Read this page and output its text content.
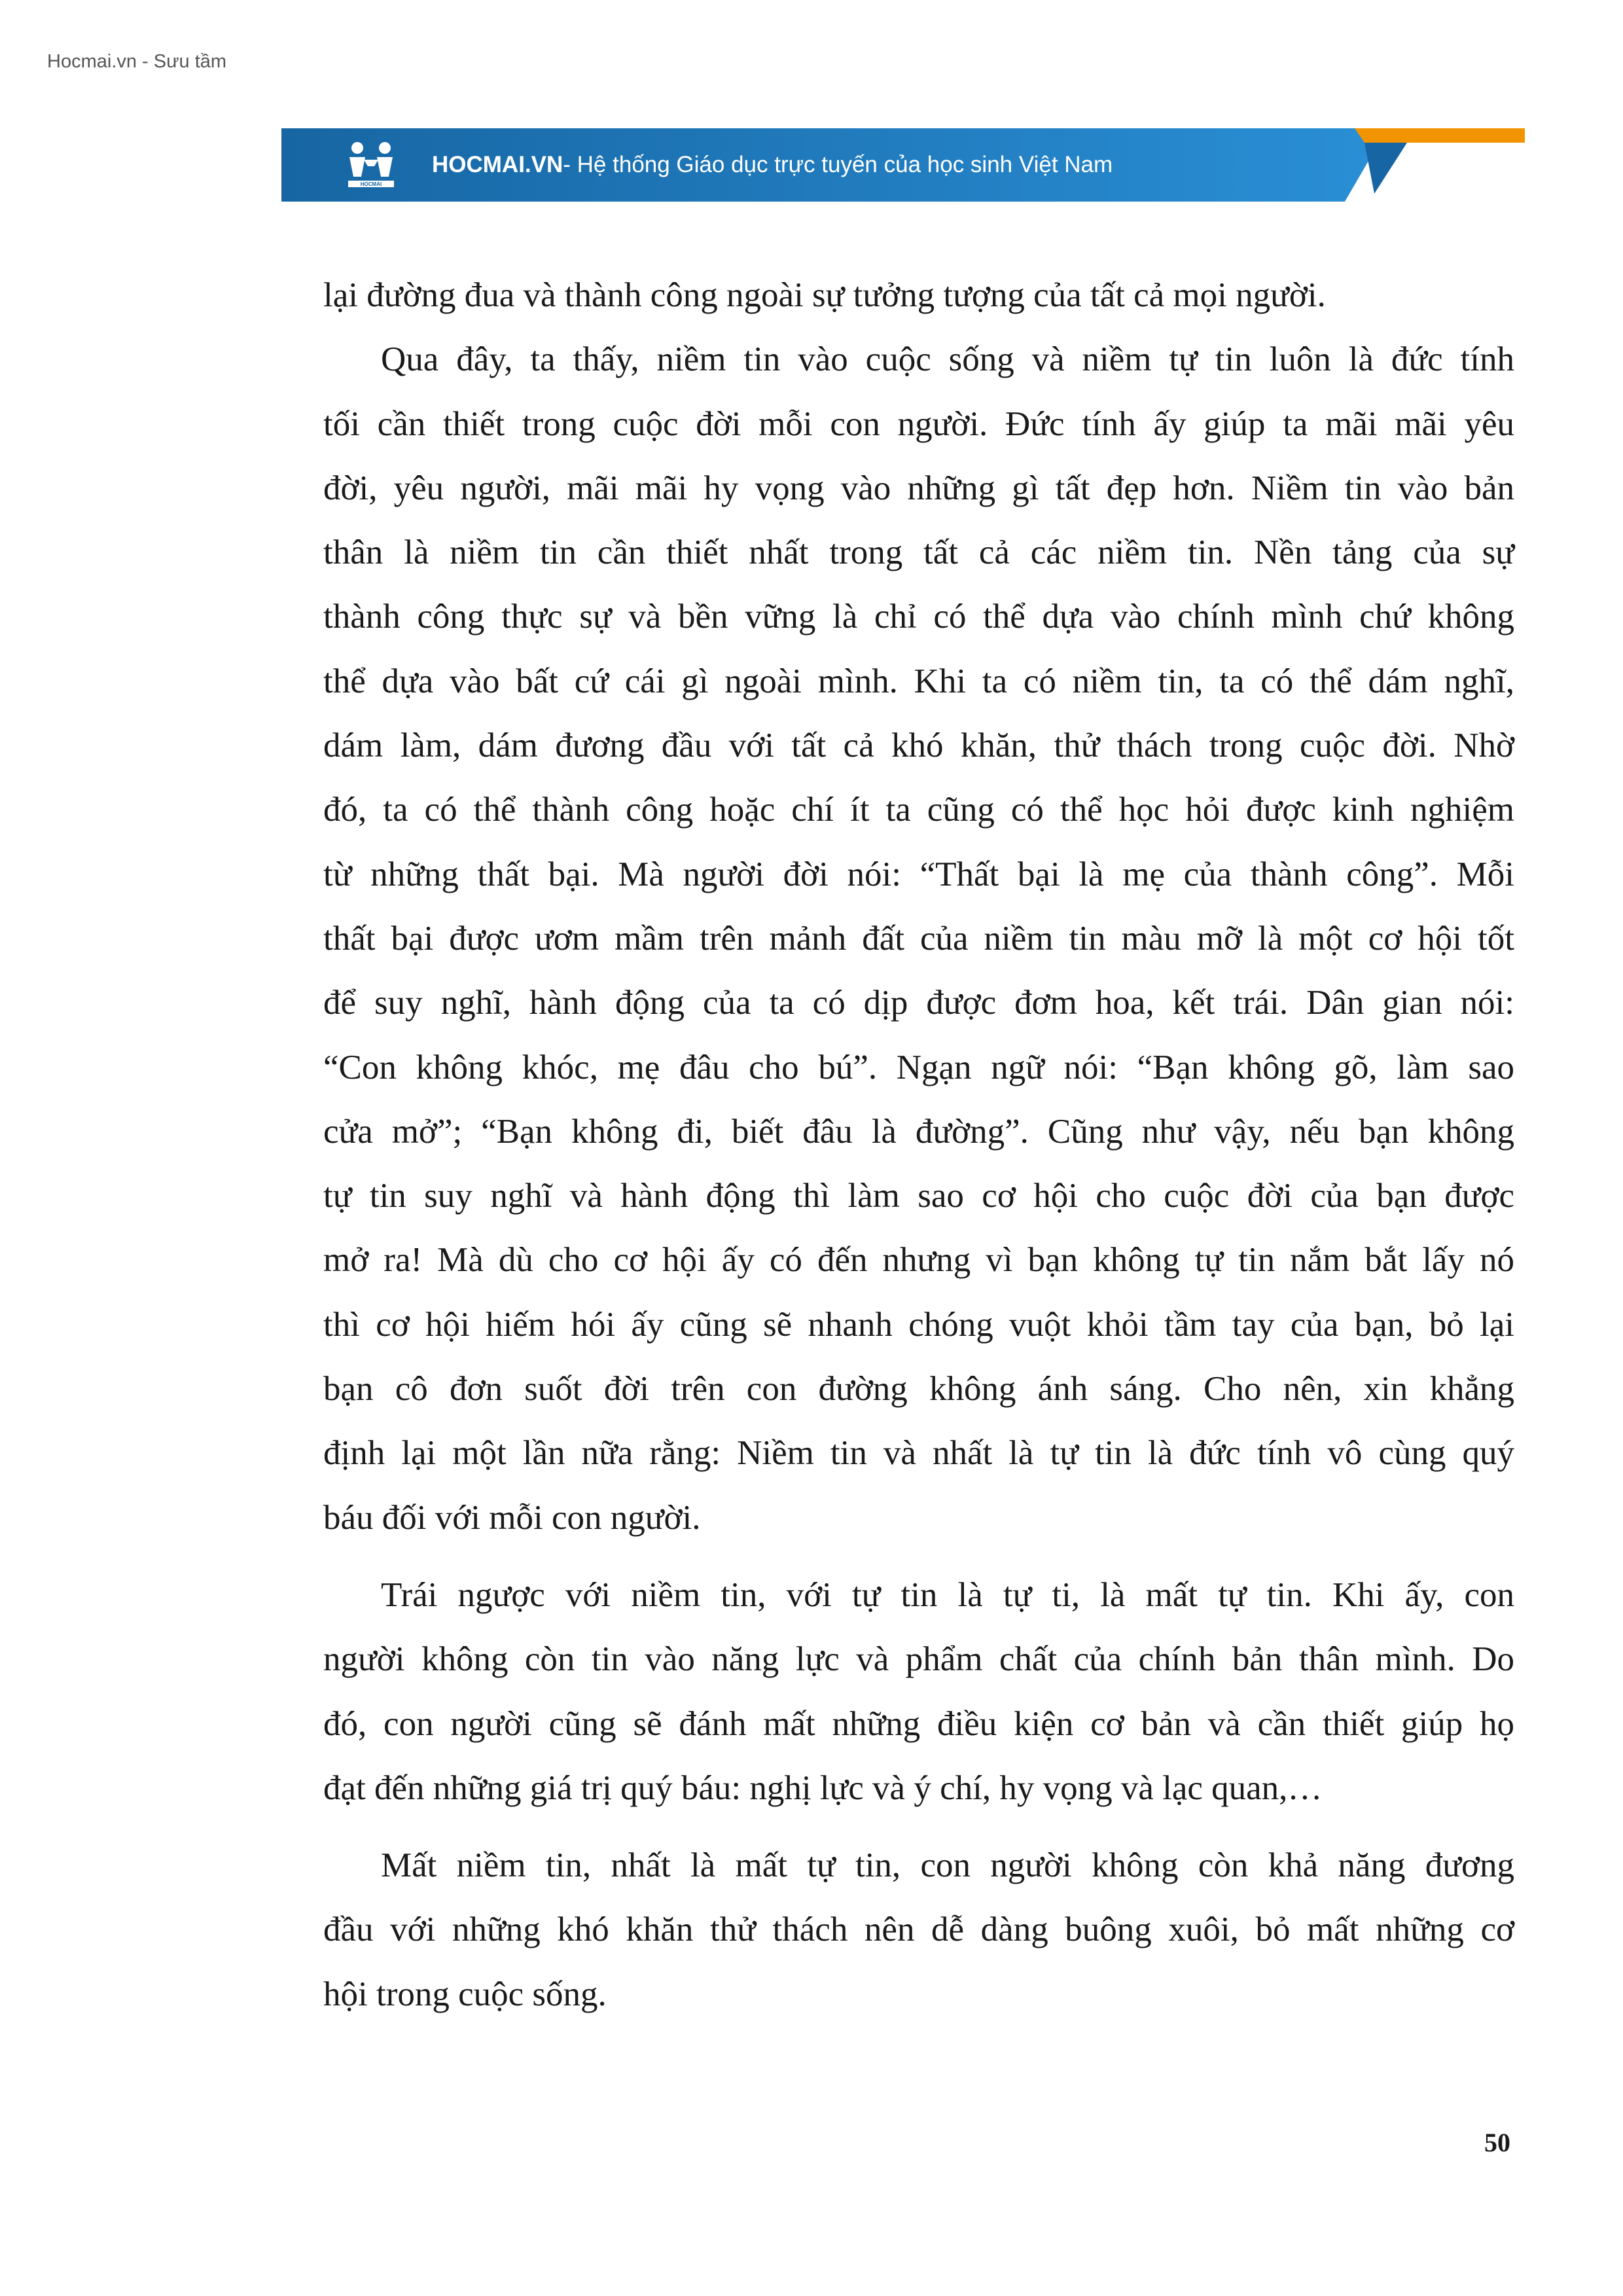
Hocmai.vn - Sưu tầm
HOCMAI
HOCMAI.VN - Hệ thống Giáo dục trực tuyến của học sinh Việt Nam
lại đường đua và thành công ngoài sự tưởng tượng của tất cả mọi người.
Qua đây, ta thấy, niềm tin vào cuộc sống và niềm tự tin luôn là đức tính
tối cần thiết trong cuộc đời mỗi con người. Đức tính ấy giúp ta mãi mãi yêu
đời, yêu người, mãi mãi hy vọng vào những gì tất đẹp hơn. Niềm tin vào bản
thân là niềm tin cần thiết nhất trong tất cả các niềm tin. Nền tảng của sự
thành công thực sự và bền vững là chỉ có thể dựa vào chính mình chứ không
thể dựa vào bất cứ cái gì ngoài mình. Khi ta có niềm tin, ta có thể dám nghĩ,
dám làm, dám đương đầu với tất cả khó khăn, thử thách trong cuộc đời. Nhờ
đó, ta có thể thành công hoặc chí ít ta cũng có thể học hỏi được kinh nghiệm
từ những thất bại. Mà người đời nói: “Thất bại là mẹ của thành công”. Mỗi
thất bại được ươm mầm trên mảnh đất của niềm tin màu mỡ là một cơ hội tốt
để suy nghĩ, hành động của ta có dịp được đơm hoa, kết trái. Dân gian nói:
“Con không khóc, mẹ đâu cho bú”. Ngạn ngữ nói: “Bạn không gõ, làm sao
cửa mở”; “Bạn không đi, biết đâu là đường”. Cũng như vậy, nếu bạn không
tự tin suy nghĩ và hành động thì làm sao cơ hội cho cuộc đời của bạn được
mở ra! Mà dù cho cơ hội ấy có đến nhưng vì bạn không tự tin nắm bắt lấy nó
thì cơ hội hiếm hói ấy cũng sẽ nhanh chóng vuột khỏi tầm tay của bạn, bỏ lại
bạn cô đơn suốt đời trên con đường không ánh sáng. Cho nên, xin khẳng
định lại một lần nữa rằng: Niềm tin và nhất là tự tin là đức tính vô cùng quý
báu đối với mỗi con người.
Trái ngược với niềm tin, với tự tin là tự ti, là mất tự tin. Khi ấy, con
người không còn tin vào năng lực và phẩm chất của chính bản thân mình. Do
đó, con người cũng sẽ đánh mất những điều kiện cơ bản và cần thiết giúp họ
đạt đến những giá trị quý báu: nghị lực và ý chí, hy vọng và lạc quan,…
Mất niềm tin, nhất là mất tự tin, con người không còn khả năng đương
đầu với những khó khăn thử thách nên dễ dàng buông xuôi, bỏ mất những cơ
hội trong cuộc sống.
50
